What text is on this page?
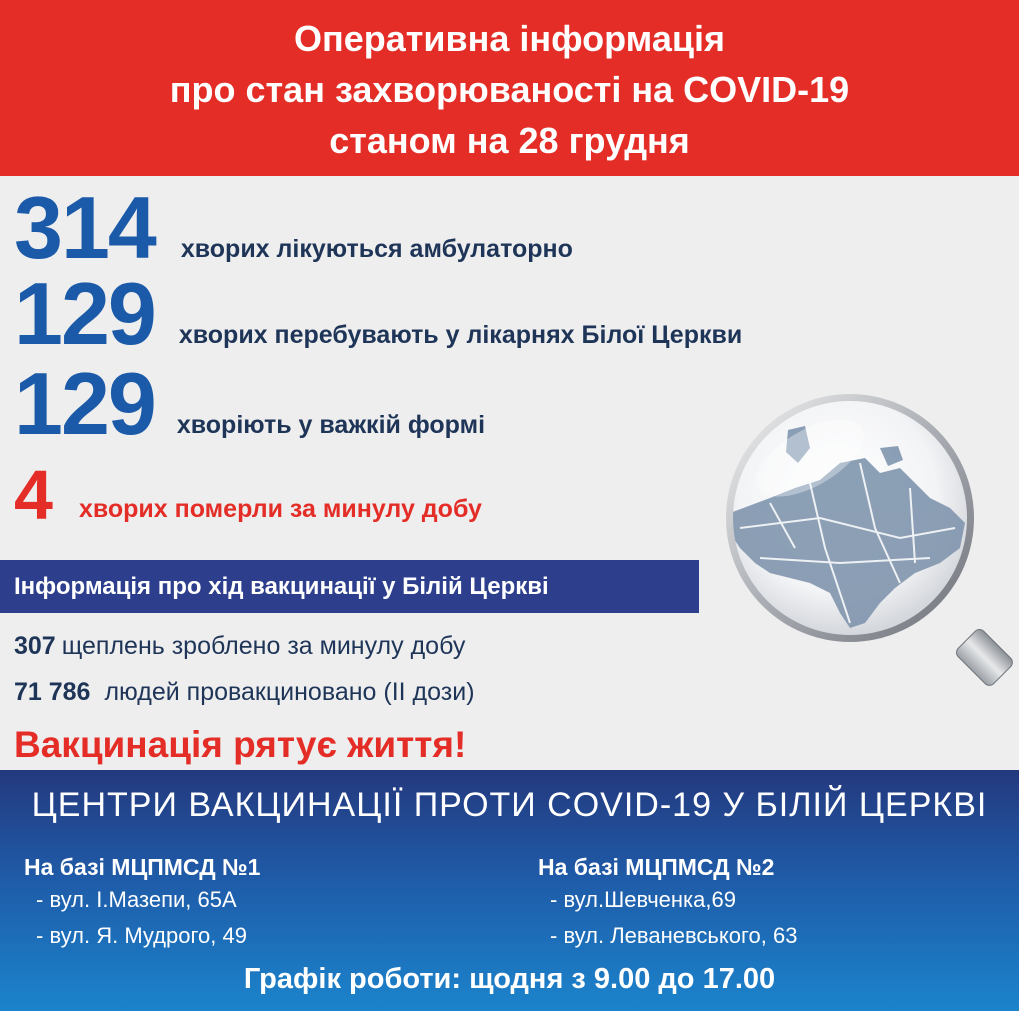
Оперативна інформація
про стан захворюваності на COVID-19
станом на 28 грудня
314 хворих лікуються амбулаторно
129 хворих перебувають у лікарнях Білої Церкви
129 хворіють у важкій формі
4 хворих померли за минулу добу
Інформація про хід вакцинації у Білій Церкві
307 щеплень зроблено за минулу добу
71 786 людей провакциновано (ІІ дози)
Вакцинація рятує життя!
ЦЕНТРИ ВАКЦИНАЦІЇ ПРОТИ COVID-19 У БІЛІЙ ЦЕРКВІ
На базі МЦПМСД №1
- вул. І.Мазепи, 65А
- вул. Я. Мудрого, 49
На базі МЦПМСД №2
- вул.Шевченка,69
- вул. Леваневського, 63
Графік роботи: щодня з 9.00 до 17.00
